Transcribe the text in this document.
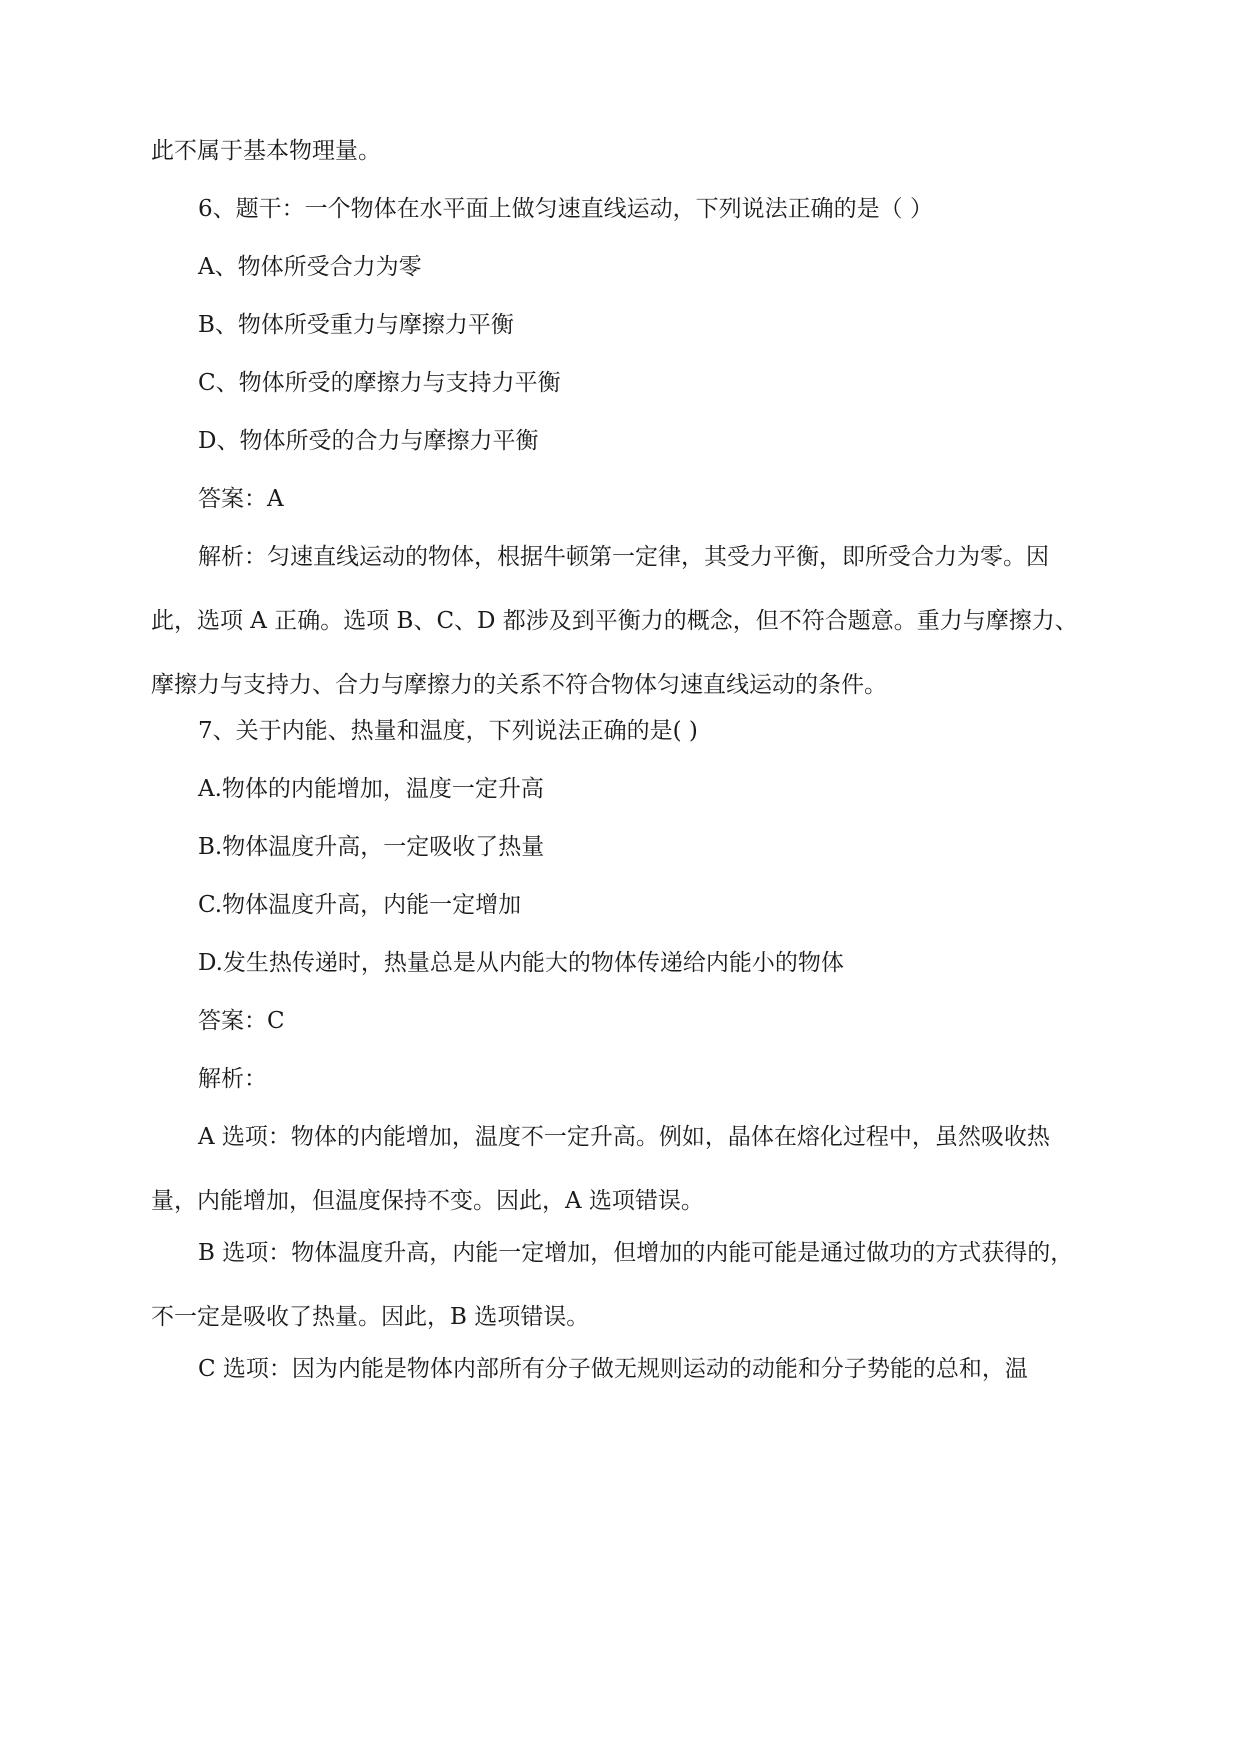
此不属于基本物理量。

6、题干：一个物体在水平面上做匀速直线运动，下列说法正确的是（ ）

A、物体所受合力为零

B、物体所受重力与摩擦力平衡

C、物体所受的摩擦力与支持力平衡

D、物体所受的合力与摩擦力平衡

答案：A

解析：匀速直线运动的物体，根据牛顿第一定律，其受力平衡，即所受合力为零。因此，选项 A 正确。选项 B、C、D 都涉及到平衡力的概念，但不符合题意。重力与摩擦力、摩擦力与支持力、合力与摩擦力的关系不符合物体匀速直线运动的条件。

7、关于内能、热量和温度，下列说法正确的是( )

A.物体的内能增加，温度一定升高

B.物体温度升高，一定吸收了热量

C.物体温度升高，内能一定增加

D.发生热传递时，热量总是从内能大的物体传递给内能小的物体

答案：C

解析：

A 选项：物体的内能增加，温度不一定升高。例如，晶体在熔化过程中，虽然吸收热量，内能增加，但温度保持不变。因此，A 选项错误。

B 选项：物体温度升高，内能一定增加，但增加的内能可能是通过做功的方式获得的，不一定是吸收了热量。因此，B 选项错误。

C 选项：因为内能是物体内部所有分子做无规则运动的动能和分子势能的总和，温
